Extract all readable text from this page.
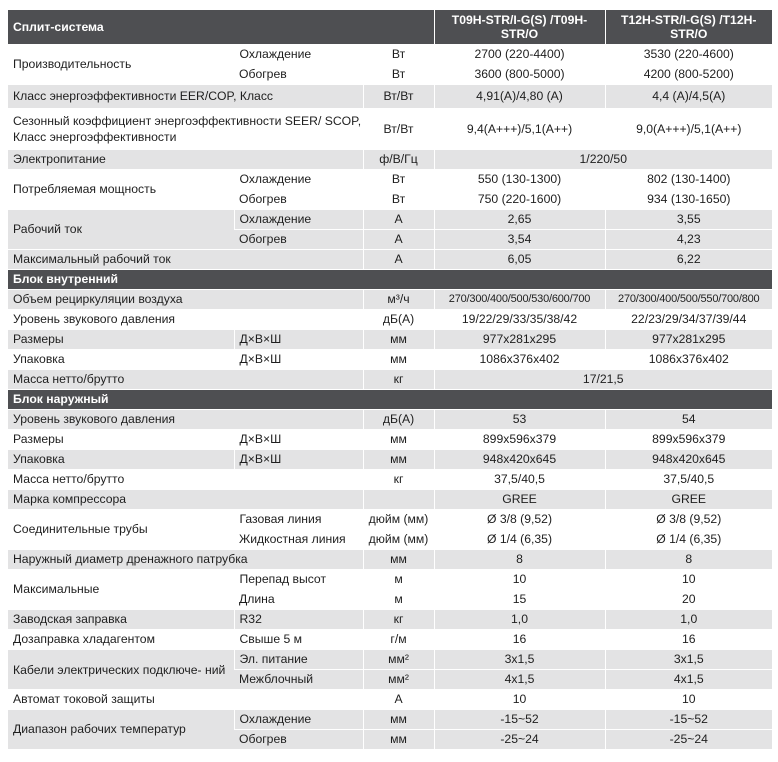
Сплит-система			T09H-STR/I-G(S) /T09H-STR/O	T12H-STR/I-G(S) /T12H-STR/O
Производительность	Охлаждение	Вт	2700 (220-4400)	3530 (220-4600)
	Обогрев	Вт	3600 (800-5000)	4200 (800-5200)
Класс энергоэффективности EER/COP, Класс		Вт/Вт	4,91(A)/4,80 (A)	4,4 (A)/4,5(A)
Сезонный коэффициент энергоэффективности SEER/ SCOP, Класс энергоэффективности		Вт/Вт	9,4(A+++)/5,1(A++)	9,0(A+++)/5,1(A++)
Электропитание		ф/В/Гц	1/220/50	
Потребляемая мощность	Охлаждение	Вт	550 (130-1300)	802 (130-1400)
	Обогрев	Вт	750 (220-1600)	934 (130-1650)
Рабочий ток	Охлаждение	А	2,65	3,55
	Обогрев	А	3,54	4,23
Максимальный рабочий ток		А	6,05	6,22
Блок внутренний				
Объем рециркуляции воздуха		м³/ч	270/300/400/500/530/600/700	270/300/400/500/550/700/800
Уровень звукового давления		дБ(А)	19/22/29/33/35/38/42	22/23/29/34/37/39/44
Размеры	Д×В×Ш	мм	977x281x295	977x281x295
Упаковка	Д×В×Ш	мм	1086x376x402	1086x376x402
Масса нетто/брутто		кг	17/21,5	
Блок наружный				
Уровень звукового давления		дБ(А)	53	54
Размеры	Д×В×Ш	мм	899x596x379	899x596x379
Упаковка	Д×В×Ш	мм	948x420x645	948x420x645
Масса нетто/брутто		кг	37,5/40,5	37,5/40,5
Марка компрессора			GREE	GREE
Соединительные трубы	Газовая линия	дюйм (мм)	Ø 3/8 (9,52)	Ø 3/8 (9,52)
	Жидкостная линия	дюйм (мм)	Ø 1/4 (6,35)	Ø 1/4 (6,35)
Наружный диаметр дренажного патрубка		мм	8	8
Максимальные	Перепад высот	м	10	10
	Длина	м	15	20
Заводская заправка	R32	кг	1,0	1,0
Дозаправка хладагентом	Свыше 5 м	г/м	16	16
Кабели электрических подключе- ний	Эл. питание	мм²	3x1,5	3x1,5
	Межблочный	мм²	4x1,5	4x1,5
Автомат токовой защиты		А	10	10
Диапазон рабочих температур	Охлаждение	мм	-15~52	-15~52
	Обогрев	мм	-25~24	-25~24
